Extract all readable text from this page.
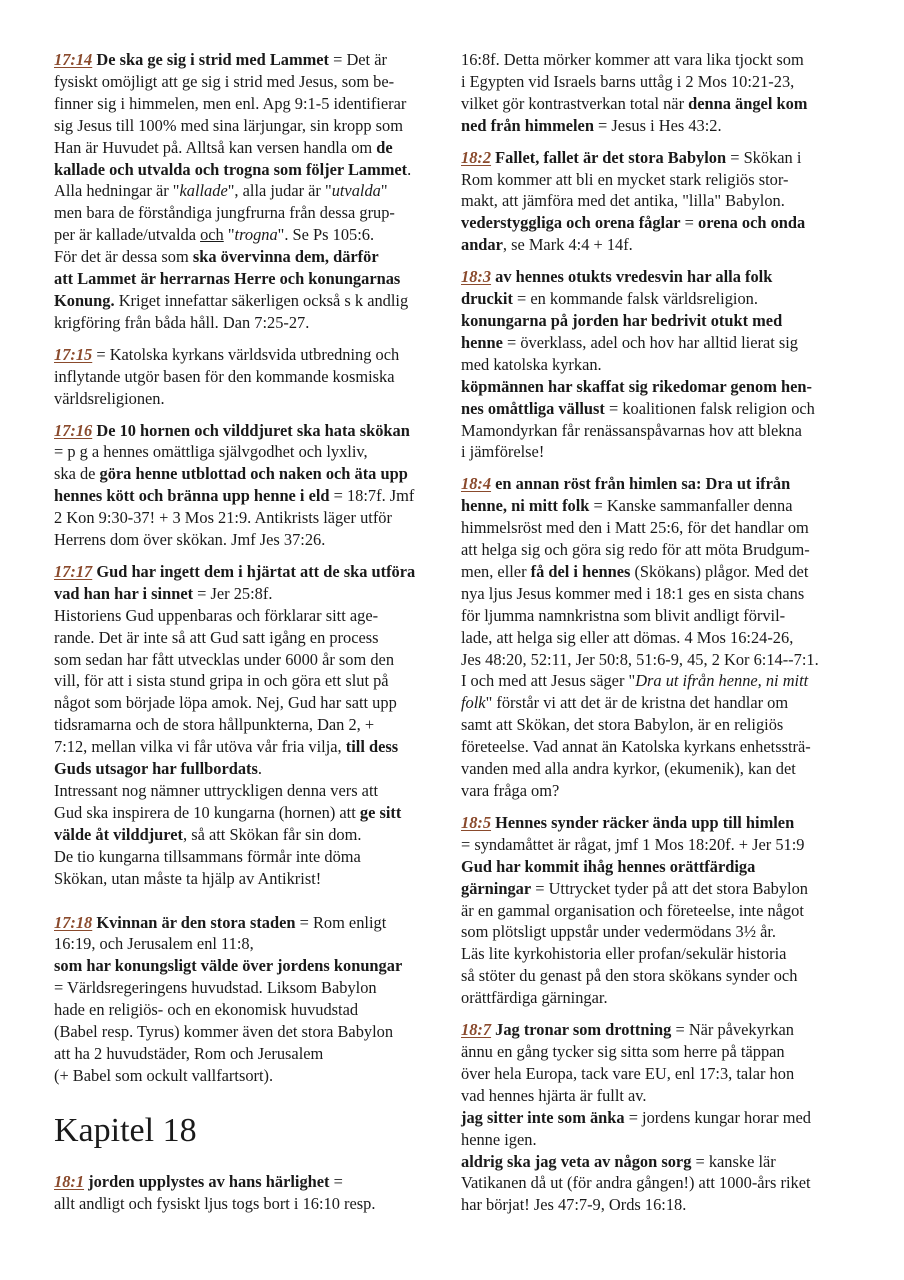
17:14 De ska ge sig i strid med Lammet = Det är
fysiskt omöjligt att ge sig i strid med Jesus, som be-
finner sig i himmelen, men enl. Apg 9:1-5 identifierar
sig Jesus till 100% med sina lärjungar, sin kropp som
Han är Huvudet på. Alltså kan versen handla om de
kallade och utvalda och trogna som följer Lammet.
Alla hedningar är "kallade", alla judar är "utvalda"
men bara de förståndiga jungfrurna från dessa grup-
per är kallade/utvalda och "trogna". Se Ps 105:6.
För det är dessa som ska övervinna dem, därför
att Lammet är herrarnas Herre och konungarnas
Konung. Kriget innefattar säkerligen också s k andlig
krigföring från båda håll. Dan 7:25-27.
17:15 = Katolska kyrkans världsvida utbredning och
inflytande utgör basen för den kommande kosmiska
världsreligionen.
17:16 De 10 hornen och vilddjuret ska hata skökan
= p g a hennes omättliga självgodhet och lyxliv,
ska de göra henne utblottad och naken och äta upp
hennes kött och bränna upp henne i eld = 18:7f. Jmf
2 Kon 9:30-37! + 3 Mos 21:9. Antikrists läger utför
Herrens dom över skökan. Jmf Jes 37:26.
17:17 Gud har ingett dem i hjärtat att de ska utföra
vad han har i sinnet = Jer 25:8f.
Historiens Gud uppenbaras och förklarar sitt age-
rande. Det är inte så att Gud satt igång en process
som sedan har fått utvecklas under 6000 år som den
vill, för att i sista stund gripa in och göra ett slut på
något som började löpa amok. Nej, Gud har satt upp
tidsramarna och de stora hållpunkterna, Dan 2, +
7:12, mellan vilka vi får utöva vår fria vilja, till dess
Guds utsagor har fullbordats.
Intressant nog nämner uttryckligen denna vers att
Gud ska inspirera de 10 kungarna (hornen) att ge sitt
välde åt vilddjuret, så att Skökan får sin dom.
De tio kungarna tillsammans förmår inte döma
Skökan, utan måste ta hjälp av Antikrist!
17:18 Kvinnan är den stora staden = Rom enligt
16:19, och Jerusalem enl 11:8,
som har konungsligt välde över jordens konungar
= Världsregeringens huvudstad. Liksom Babylon
hade en religiös- och en ekonomisk huvudstad
(Babel resp. Tyrus) kommer även det stora Babylon
att ha 2 huvudstäder, Rom och Jerusalem
(+ Babel som ockult vallfartsort).
Kapitel 18
18:1 jorden upplystes av hans härlighet =
allt andligt och fysiskt ljus togs bort i 16:10 resp.
16:8f. Detta mörker kommer att vara lika tjockt som
i Egypten vid Israels barns uttåg i 2 Mos 10:21-23,
vilket gör kontrastverkan total när denna ängel kom
ned från himmelen = Jesus i Hes 43:2.
18:2 Fallet, fallet är det stora Babylon = Skökan i
Rom kommer att bli en mycket stark religiös stor-
makt, att jämföra med det antika, "lilla" Babylon.
vederstyggliga och orena fåglar = orena och onda
andar, se Mark 4:4 + 14f.
18:3 av hennes otukts vredesvin har alla folk
druckit = en kommande falsk världsreligion.
konungarna på jorden har bedrivit otukt med
henne = överklass, adel och hov har alltid lierat sig
med katolska kyrkan.
köpmännen har skaffat sig rikedomar genom hen-
nes omåttliga vällust = koalitionen falsk religion och
Mamondyrkan får renässanspåvarnas hov att blekna
i jämförelse!
18:4 en annan röst från himlen sa: Dra ut ifrån
henne, ni mitt folk = Kanske sammanfaller denna
himmelsröst med den i Matt 25:6, för det handlar om
att helga sig och göra sig redo för att möta Brudgum-
men, eller få del i hennes (Skökans) plågor. Med det
nya ljus Jesus kommer med i 18:1 ges en sista chans
för ljumma namnkristna som blivit andligt förvil-
lade, att helga sig eller att dömas. 4 Mos 16:24-26,
Jes 48:20, 52:11, Jer 50:8, 51:6-9, 45, 2 Kor 6:14--7:1.
I och med att Jesus säger "Dra ut ifrån henne, ni mitt
folk" förstår vi att det är de kristna det handlar om
samt att Skökan, det stora Babylon, är en religiös
företeelse. Vad annat än Katolska kyrkans enhetssträ-
vanden med alla andra kyrkor, (ekumenik), kan det
vara fråga om?
18:5 Hennes synder räcker ända upp till himlen
= syndamåttet är rågat, jmf 1 Mos 18:20f. + Jer 51:9
Gud har kommit ihåg hennes orättfärdiga
gärningar = Uttrycket tyder på att det stora Babylon
är en gammal organisation och företeelse, inte något
som plötsligt uppstår under vedermödans 3½ år.
Läs lite kyrkohistoria eller profan/sekulär historia
så stöter du genast på den stora skökans synder och
orättfärdiga gärningar.
18:7 Jag tronar som drottning = När påvekyrkan
ännu en gång tycker sig sitta som herre på täppan
över hela Europa, tack vare EU, enl 17:3, talar hon
vad hennes hjärta är fullt av.
jag sitter inte som änka = jordens kungar horar med
henne igen.
aldrig ska jag veta av någon sorg = kanske lär
Vatikanen då ut (för andra gången!) att 1000-års riket
har börjat! Jes 47:7-9, Ords 16:18.
